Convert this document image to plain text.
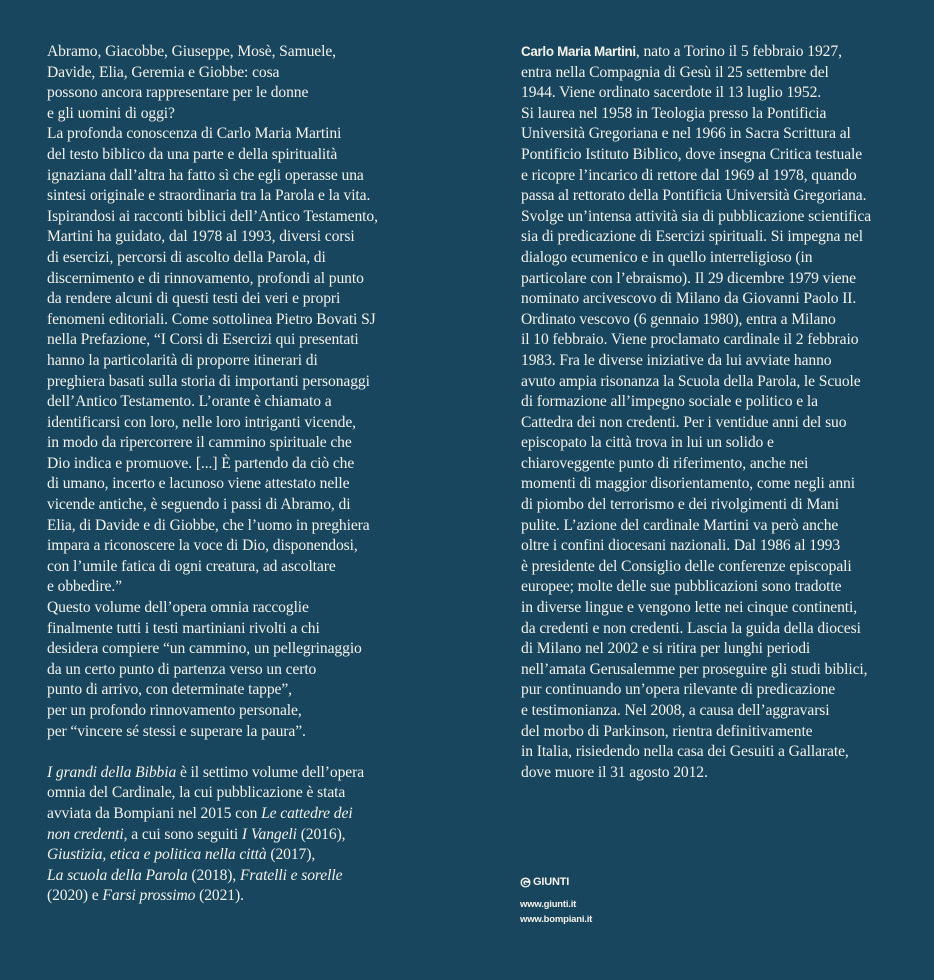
Abramo, Giacobbe, Giuseppe, Mosè, Samuele,
Davide, Elia, Geremia e Giobbe: cosa
possono ancora rappresentare per le donne
e gli uomini di oggi?
La profonda conoscenza di Carlo Maria Martini
del testo biblico da una parte e della spiritualità
ignaziana dall’altra ha fatto sì che egli operasse una
sintesi originale e straordinaria tra la Parola e la vita.
Ispirandosi ai racconti biblici dell’Antico Testamento,
Martini ha guidato, dal 1978 al 1993, diversi corsi
di esercizi, percorsi di ascolto della Parola, di
discernimento e di rinnovamento, profondi al punto
da rendere alcuni di questi testi dei veri e propri
fenomeni editoriali. Come sottolinea Pietro Bovati SJ
nella Prefazione, “I Corsi di Esercizi qui presentati
hanno la particolarità di proporre itinerari di
preghiera basati sulla storia di importanti personaggi
dell’Antico Testamento. L’orante è chiamato a
identificarsi con loro, nelle loro intriganti vicende,
in modo da ripercorrere il cammino spirituale che
Dio indica e promuove. [...] È partendo da ciò che
di umano, incerto e lacunoso viene attestato nelle
vicende antiche, è seguendo i passi di Abramo, di
Elia, di Davide e di Giobbe, che l’uomo in preghiera
impara a riconoscere la voce di Dio, disponendosi,
con l’umile fatica di ogni creatura, ad ascoltare
e obbedire.”
Questo volume dell’opera omnia raccoglie
finalmente tutti i testi martiniani rivolti a chi
desidera compiere “un cammino, un pellegrinaggio
da un certo punto di partenza verso un certo
punto di arrivo, con determinate tappe”,
per un profondo rinnovamento personale,
per “vincere sé stessi e superare la paura”.
I grandi della Bibbia è il settimo volume dell’opera
omnia del Cardinale, la cui pubblicazione è stata
avviata da Bompiani nel 2015 con Le cattedre dei
non credenti, a cui sono seguiti I Vangeli (2016),
Giustizia, etica e politica nella città (2017),
La scuola della Parola (2018), Fratelli e sorelle
(2020) e Farsi prossimo (2021).
Carlo Maria Martini, nato a Torino il 5 febbraio 1927,
entra nella Compagnia di Gesù il 25 settembre del
1944. Viene ordinato sacerdote il 13 luglio 1952.
Si laurea nel 1958 in Teologia presso la Pontificia
Università Gregoriana e nel 1966 in Sacra Scrittura al
Pontificio Istituto Biblico, dove insegna Critica testuale
e ricopre l’incarico di rettore dal 1969 al 1978, quando
passa al rettorato della Pontificia Università Gregoriana.
Svolge un’intensa attività sia di pubblicazione scientifica
sia di predicazione di Esercizi spirituali. Si impegna nel
dialogo ecumenico e in quello interreligioso (in
particolare con l’ebraismo). Il 29 dicembre 1979 viene
nominato arcivescovo di Milano da Giovanni Paolo II.
Ordinato vescovo (6 gennaio 1980), entra a Milano
il 10 febbraio. Viene proclamato cardinale il 2 febbraio
1983. Fra le diverse iniziative da lui avviate hanno
avuto ampia risonanza la Scuola della Parola, le Scuole
di formazione all’impegno sociale e politico e la
Cattedra dei non credenti. Per i ventidue anni del suo
episcopato la città trova in lui un solido e
chiaroveggente punto di riferimento, anche nei
momenti di maggior disorientamento, come negli anni
di piombo del terrorismo e dei rivolgimenti di Mani
pulite. L’azione del cardinale Martini va però anche
oltre i confini diocesani nazionali. Dal 1986 al 1993
è presidente del Consiglio delle conferenze episcopali
europee; molte delle sue pubblicazioni sono tradotte
in diverse lingue e vengono lette nei cinque continenti,
da credenti e non credenti. Lascia la guida della diocesi
di Milano nel 2002 e si ritira per lunghi periodi
nell’amata Gerusalemme per proseguire gli studi biblici,
pur continuando un’opera rilevante di predicazione
e testimonianza. Nel 2008, a causa dell’aggravarsi
del morbo di Parkinson, rientra definitivamente
in Italia, risiedendo nella casa dei Gesuiti a Gallarate,
dove muore il 31 agosto 2012.
GIUNTI
www.giunti.it
www.bompiani.it
